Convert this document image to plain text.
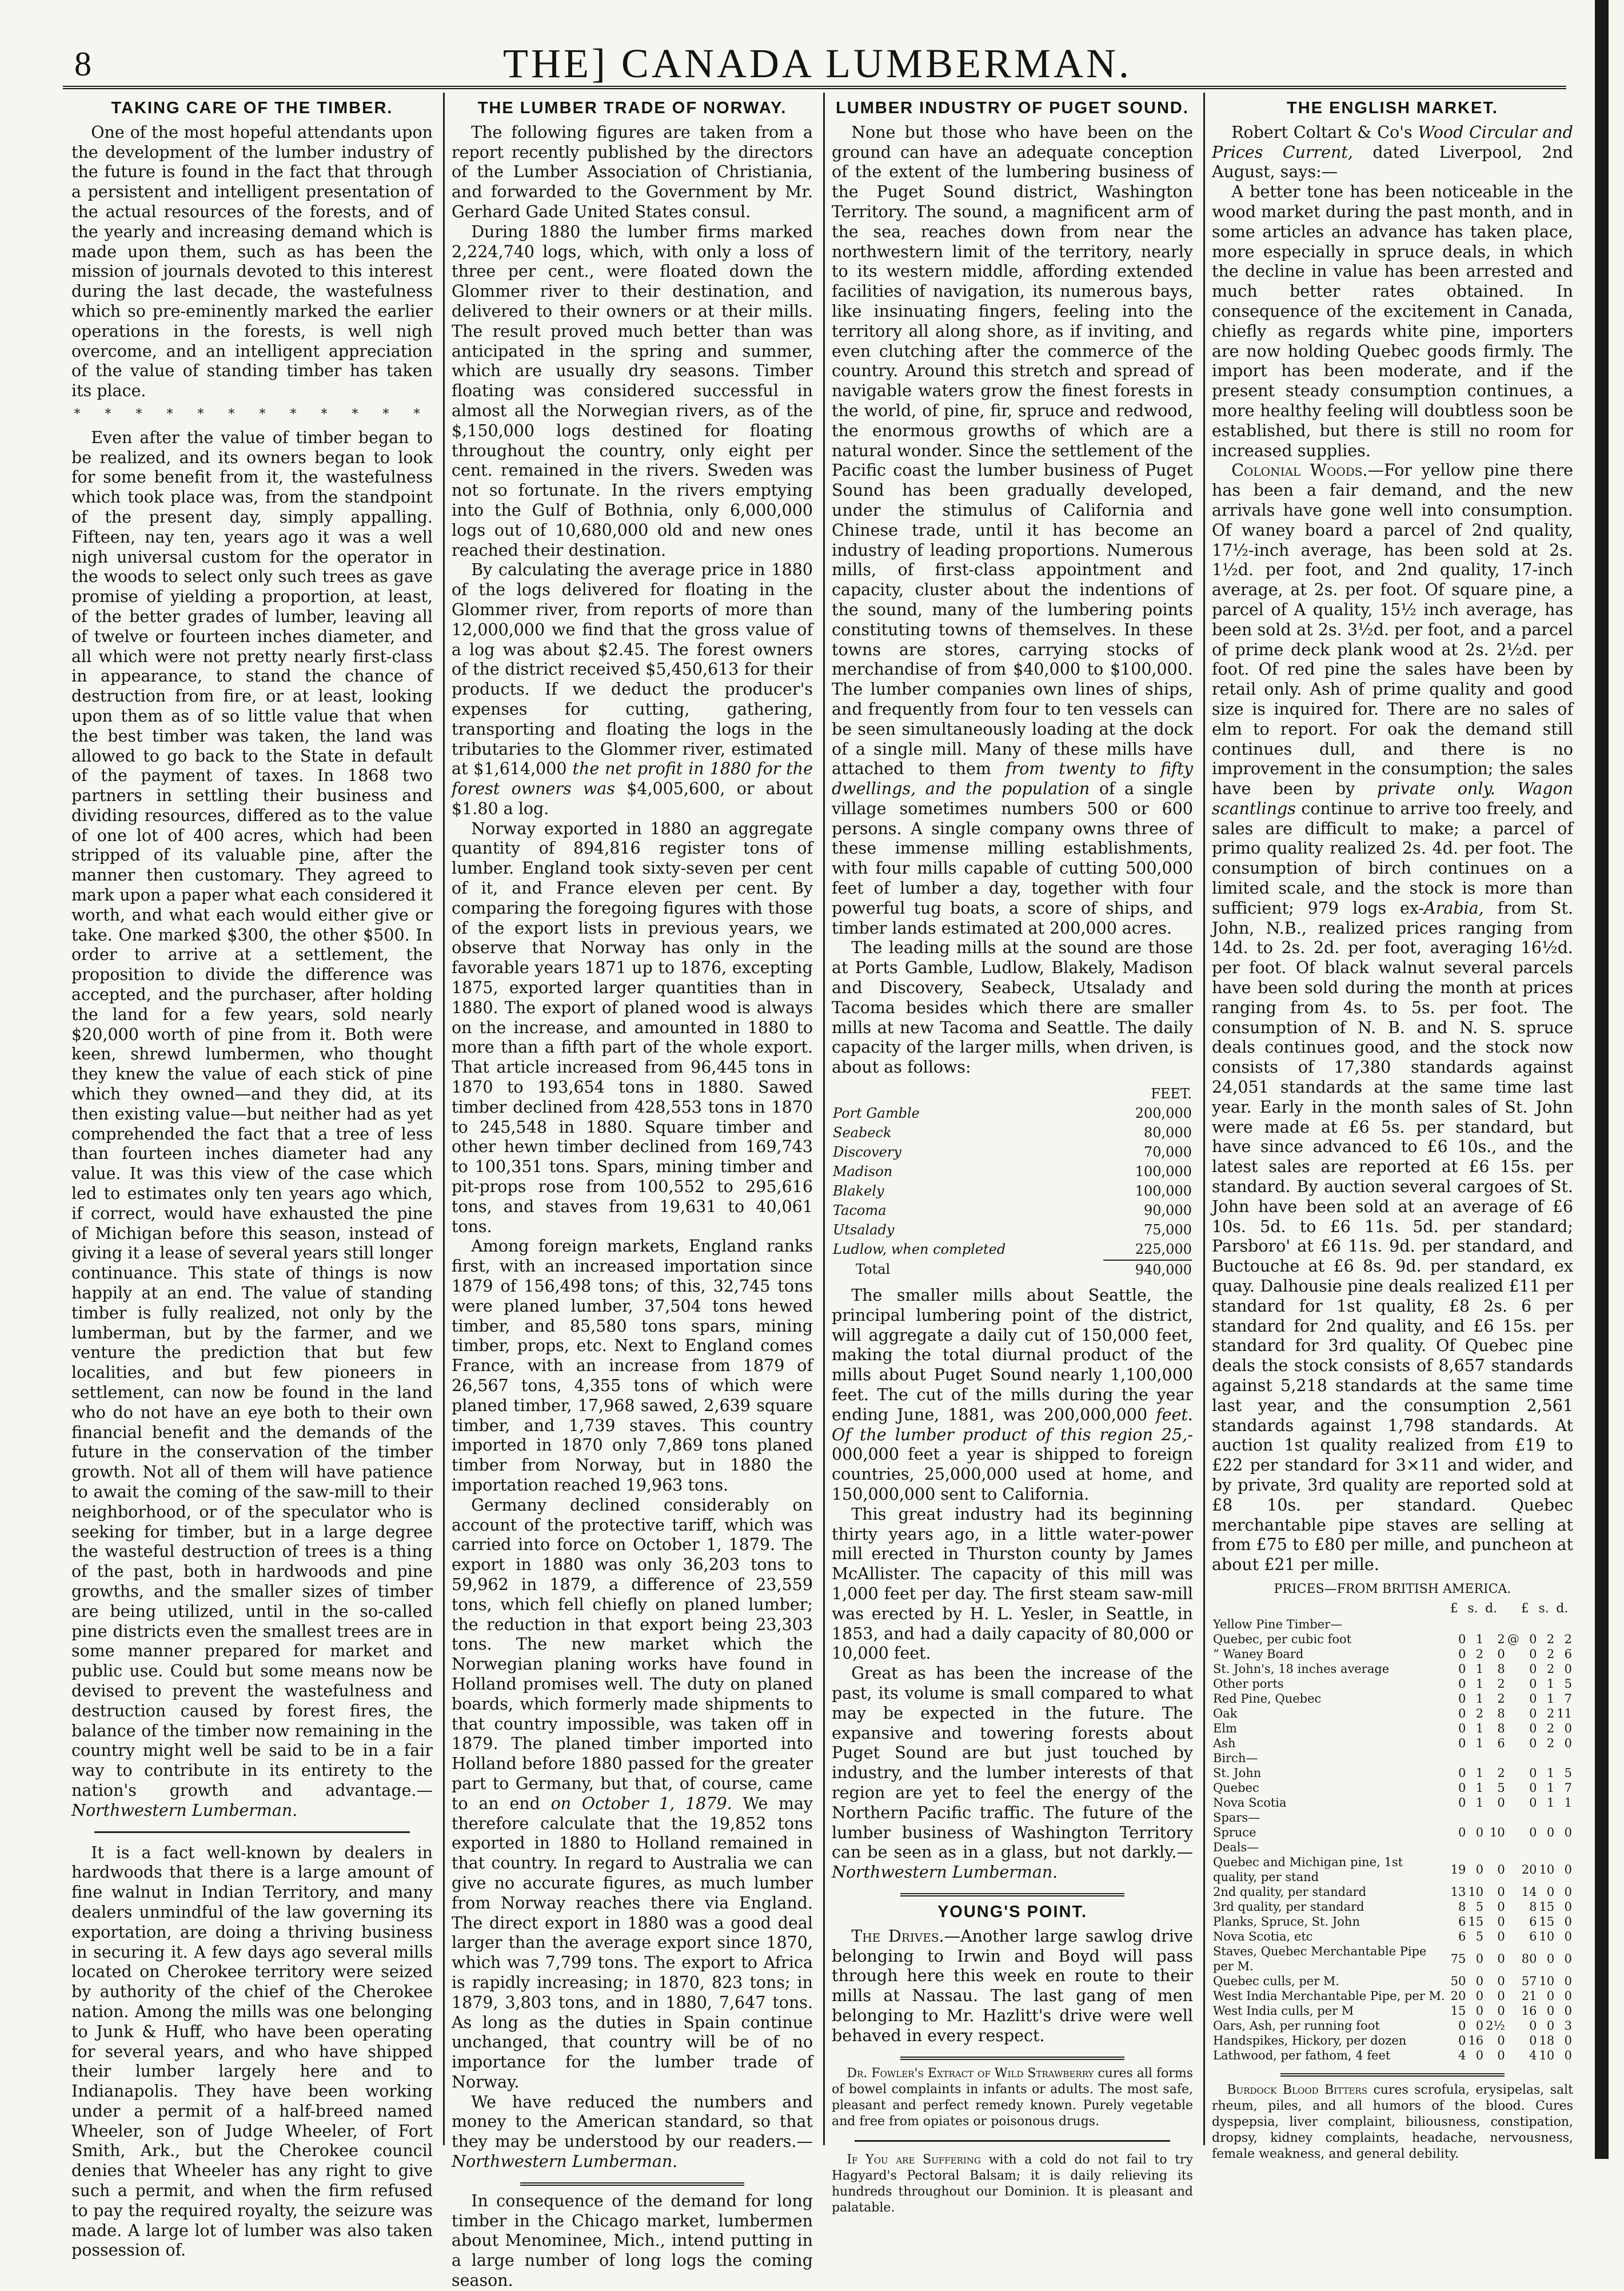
8	THE] CANADA LUMBERMAN.
TAKING CARE OF THE TIMBER.

One of the most hopeful attendants upon the development of the lumber industry of the future is found in the fact that through a persistent and intelligent presentation of the actual resources of the forests, and of the yearly and increasing demand which is made upon them, such as has been the mission of journals devoted to this interest during the last decade, the wastefulness which so pre-eminently marked the earlier operations in the forests, is well nigh overcome, and an intelligent appreciation of the value of standing timber has taken its place.

* * * * * * * * * * * *

Even after the value of timber began to be realized, and its owners began to look for some benefit from it, the wastefulness which took place was, from the standpoint of the present day, simply appalling. Fifteen, nay ten, years ago it was a well nigh universal custom for the operator in the woods to select only such trees as gave promise of yielding a proportion, at least, of the better grades of lumber, leaving all of twelve or fourteen inches diameter, and all which were not pretty nearly first-class in appearance, to stand the chance of destruction from fire, or at least, looking upon them as of so little value that when the best timber was taken, the land was allowed to go back to the State in default of the payment of taxes. In 1868 two partners in settling their business and dividing resources, differed as to the value of one lot of 400 acres, which had been stripped of its valuable pine, after the manner then customary. They agreed to mark upon a paper what each considered it worth, and what each would either give or take. One marked $300, the other $500. In order to arrive at a settlement, the proposition to divide the difference was accepted, and the purchaser, after holding the land for a few years, sold nearly $20,000 worth of pine from it. Both were keen, shrewd lumbermen, who thought they knew the value of each stick of pine which they owned—and they did, at its then existing value—but neither had as yet comprehended the fact that a tree of less than fourteen inches diameter had any value. It was this view of the case which led to estimates only ten years ago which, if correct, would have exhausted the pine of Michigan before this season, instead of giving it a lease of several years still longer continuance. This state of things is now happily at an end. The value of standing timber is fully realized, not only by the lumberman, but by the farmer, and we venture the prediction that but few localities, and but few pioneers in settlement, can now be found in the land who do not have an eye both to their own financial benefit and the demands of the future in the conservation of the timber growth. Not all of them will have patience to await the coming of the saw-mill to their neighborhood, or of the speculator who is seeking for timber, but in a large degree the wasteful destruction of trees is a thing of the past, both in hardwoods and pine growths, and the smaller sizes of timber are being utilized, until in the so-called pine districts even the smallest trees are in some manner prepared for market and public use. Could but some means now be devised to prevent the wastefulness and destruction caused by forest fires, the balance of the timber now remaining in the country might well be said to be in a fair way to contribute in its entirety to the nation's growth and advantage.—Northwestern Lumberman.

It is a fact well-known by dealers in hardwoods that there is a large amount of fine walnut in Indian Territory, and many dealers unmindful of the law governing its exportation, are doing a thriving business in securing it. A few days ago several mills located on Cherokee territory were seized by authority of the chief of the Cherokee nation. Among the mills was one belonging to Junk & Huff, who have been operating for several years, and who have shipped their lumber largely here and to Indianapolis. They have been working under a permit of a half-breed named Wheeler, son of Judge Wheeler, of Fort Smith, Ark., but the Cherokee council denies that Wheeler has any right to give such a permit, and when the firm refused to pay the required royalty, the seizure was made. A large lot of lumber was also taken possession of.

THE LUMBER TRADE OF NORWAY.

The following figures are taken from a report recently published by the directors of the Lumber Association of Christiania, and forwarded to the Government by Mr. Gerhard Gade United States consul.

During 1880 the lumber firms marked 2,224,740 logs, which, with only a loss of three per cent., were floated down the Glommer river to their destination, and delivered to their owners or at their mills. The result proved much better than was anticipated in the spring and summer, which are usually dry seasons. Timber floating was considered successful in almost all the Norwegian rivers, as of the $,150,000 logs destined for floating throughout the country, only eight per cent. remained in the rivers. Sweden was not so fortunate. In the rivers emptying into the Gulf of Bothnia, only 6,000,000 logs out of 10,680,000 old and new ones reached their destination.

By calculating the average price in 1880 of the logs delivered for floating in the Glommer river, from reports of more than 12,000,000 we find that the gross value of a log was about $2.45. The forest owners of the district received $5,450,613 for their products. If we deduct the producer's expenses for cutting, gathering, transporting and floating the logs in the tributaries to the Glommer river, estimated at $1,614,000 the net profit in 1880 for the forest owners was $4,005,600, or about $1.80 a log.

Norway exported in 1880 an aggregate quantity of 894,816 register tons of lumber. England took sixty-seven per cent of it, and France eleven per cent. By comparing the foregoing figures with those of the export lists in previous years, we observe that Norway has only in the favorable years 1871 up to 1876, excepting 1875, exported larger quantities than in 1880. The export of planed wood is always on the increase, and amounted in 1880 to more than a fifth part of the whole export. That article increased from 96,445 tons in 1870 to 193,654 tons in 1880. Sawed timber declined from 428,553 tons in 1870 to 245,548 in 1880. Square timber and other hewn timber declined from 169,743 to 100,351 tons. Spars, mining timber and pit-props rose from 100,552 to 295,616 tons, and staves from 19,631 to 40,061 tons.

Among foreign markets, England ranks first, with an increased importation since 1879 of 156,498 tons; of this, 32,745 tons were planed lumber, 37,504 tons hewed timber, and 85,580 tons spars, mining timber, props, etc. Next to England comes France, with an increase from 1879 of 26,567 tons, 4,355 tons of which were planed timber, 17,968 sawed, 2,639 square timber, and 1,739 staves. This country imported in 1870 only 7,869 tons planed timber from Norway, but in 1880 the importation reached 19,963 tons.

Germany declined considerably on account of the protective tariff, which was carried into force on October 1, 1879. The export in 1880 was only 36,203 tons to 59,962 in 1879, a difference of 23,559 tons, which fell chiefly on planed lumber; the reduction in that export being 23,303 tons. The new market which the Norwegian planing works have found in Holland promises well. The duty on planed boards, which formerly made shipments to that country impossible, was taken off in 1879. The planed timber imported into Holland before 1880 passed for the greater part to Germany, but that, of course, came to an end on October 1, 1879. We may therefore calculate that the 19,852 tons exported in 1880 to Holland remained in that country. In regard to Australia we can give no accurate figures, as much lumber from Norway reaches there via England. The direct export in 1880 was a good deal larger than the average export since 1870, which was 7,799 tons. The export to Africa is rapidly increasing; in 1870, 823 tons; in 1879, 3,803 tons, and in 1880, 7,647 tons. As long as the duties in Spain continue unchanged, that country will be of no importance for the lumber trade of Norway.

We have reduced the numbers and money to the American standard, so that they may be understood by our readers.—Northwestern Lumberman.

In consequence of the demand for long timber in the Chicago market, lumbermen about Menominee, Mich., intend putting in a large number of long logs the coming season.

LUMBER INDUSTRY OF PUGET SOUND.

None but those who have been on the ground can have an adequate conception of the extent of the lumbering business of the Puget Sound district, Washington Territory. The sound, a magnificent arm of the sea, reaches down from near the northwestern limit of the territory, nearly to its western middle, affording extended facilities of navigation, its numerous bays, like insinuating fingers, feeling into the territory all along shore, as if inviting, and even clutching after the commerce of the country. Around this stretch and spread of navigable waters grow the finest forests in the world, of pine, fir, spruce and redwood, the enormous growths of which are a natural wonder. Since the settlement of the Pacific coast the lumber business of Puget Sound has been gradually developed, under the stimulus of California and Chinese trade, until it has become an industry of leading proportions. Numerous mills, of first-class appointment and capacity, cluster about the indentions of the sound, many of the lumbering points constituting towns of themselves. In these towns are stores, carrying stocks of merchandise of from $40,000 to $100,000. The lumber companies own lines of ships, and frequently from four to ten vessels can be seen simultaneously loading at the dock of a single mill. Many of these mills have attached to them from twenty to fifty dwellings, and the population of a single village sometimes numbers 500 or 600 persons. A single company owns three of these immense milling establishments, with four mills capable of cutting 500,000 feet of lumber a day, together with four powerful tug boats, a score of ships, and timber lands estimated at 200,000 acres.

The leading mills at the sound are those at Ports Gamble, Ludlow, Blakely, Madison and Discovery, Seabeck, Utsalady and Tacoma besides which there are smaller mills at new Tacoma and Seattle. The daily capacity of the larger mills, when driven, is about as follows:

	FEET.
Port Gamble	200,000
Seabeck	80,000
Discovery	70,000
Madison	100,000
Blakely	100,000
Tacoma	90,000
Utsalady	75,000
Ludlow, when completed	225,000
Total	940,000

The smaller mills about Seattle, the principal lumbering point of the district, will aggregate a daily cut of 150,000 feet, making the total diurnal product of the mills about Puget Sound nearly 1,100,000 feet. The cut of the mills during the year ending June, 1881, was 200,000,000 feet. Of the lumber product of this region 25,- 000,000 feet a year is shipped to foreign countries, 25,000,000 used at home, and 150,000,000 sent to California.

This great industry had its beginning thirty years ago, in a little water-power mill erected in Thurston county by James McAllister. The capacity of this mill was 1,000 feet per day. The first steam saw-mill was erected by H. L. Yesler, in Seattle, in 1853, and had a daily capacity of 80,000 or 10,000 feet.

Great as has been the increase of the past, its volume is small compared to what may be expected in the future. The expansive and towering forests about Puget Sound are but just touched by industry, and the lumber interests of that region are yet to feel the energy of the Northern Pacific traffic. The future of the lumber business of Washington Territory can be seen as in a glass, but not darkly.—Northwestern Lumberman.

YOUNG'S POINT.

The Drives.—Another large sawlog drive belonging to Irwin and Boyd will pass through here this week en route to their mills at Nassau. The last gang of men belonging to Mr. Hazlitt's drive were well behaved in every respect.

Dr. Fowler's Extract of Wild Strawberry cures all forms of bowel complaints in infants or adults. The most safe, pleasant and perfect remedy known. Purely vegetable and free from opiates or poisonous drugs.

If You are Suffering with a cold do not fail to try Hagyard's Pectoral Balsam; it is daily relieving its hundreds throughout our Dominion. It is pleasant and palatable.

THE ENGLISH MARKET.

Robert Coltart & Co's Wood Circular and Prices Current, dated Liverpool, 2nd August, says:—

A better tone has been noticeable in the wood market during the past month, and in some articles an advance has taken place, more especially in spruce deals, in which the decline in value has been arrested and much better rates obtained. In consequence of the excitement in Canada, chiefly as regards white pine, importers are now holding Quebec goods firmly. The import has been moderate, and if the present steady consumption continues, a more healthy feeling will doubtless soon be established, but there is still no room for increased supplies.

Colonial Woods.—For yellow pine there has been a fair demand, and the new arrivals have gone well into consumption. Of waney board a parcel of 2nd quality, 17½-inch average, has been sold at 2s. 1½d. per foot, and 2nd quality, 17-inch average, at 2s. per foot. Of square pine, a parcel of A quality, 15½ inch average, has been sold at 2s. 3½d. per foot, and a parcel of prime deck plank wood at 2s. 2½d. per foot. Of red pine the sales have been by retail only. Ash of prime quality and good size is inquired for. There are no sales of elm to report. For oak the demand still continues dull, and there is no improvement in the consumption; the sales have been by private only. Wagon scantlings continue to arrive too freely, and sales are difficult to make; a parcel of primo quality realized 2s. 4d. per foot. The consumption of birch continues on a limited scale, and the stock is more than sufficient; 979 logs ex-Arabia, from St. John, N.B., realized prices ranging from 14d. to 2s. 2d. per foot, averaging 16½d. per foot. Of black walnut several parcels have been sold during the month at prices ranging from 4s. to 5s. per foot. The consumption of N. B. and N. S. spruce deals continues good, and the stock now consists of 17,380 standards against 24,051 standards at the same time last year. Early in the month sales of St. John were made at £6 5s. per standard, but have since advanced to £6 10s., and the latest sales are reported at £6 15s. per standard. By auction several cargoes of St. John have been sold at an average of £6 10s. 5d. to £6 11s. 5d. per standard; Parsboro' at £6 11s. 9d. per standard, and Buctouche at £6 8s. 9d. per standard, ex quay. Dalhousie pine deals realized £11 per standard for 1st quality, £8 2s. 6 per standard for 2nd quality, and £6 15s. per standard for 3rd quality. Of Quebec pine deals the stock consists of 8,657 standards against 5,218 standards at the same time last year, and the consumption 2,561 standards against 1,798 standards. At auction 1st quality realized from £19 to £22 per standard for 3×11 and wider, and by private, 3rd quality are reported sold at £8 10s. per standard. Quebec merchantable pipe staves are selling at from £75 to £80 per mille, and puncheon at about £21 per mille.

PRICES—FROM BRITISH AMERICA.
	£	s.	d.		£	s.	d.
Yellow Pine Timber—							
Quebec, per cubic foot	0	1	2	@	0	2	2
“ Waney Board	0	2	0		0	2	6
St. John's, 18 inches average	0	1	8		0	2	0
Other ports	0	1	2		0	1	5
Red Pine, Quebec	0	1	2		0	1	7
Oak	0	2	8		0	2	11
Elm	0	1	8		0	2	0
Ash	0	1	6		0	2	0
Birch—							
St. John	0	1	2		0	1	5
Quebec	0	1	5		0	1	7
Nova Scotia	0	1	0		0	1	1
Spars—							
Spruce	0	0	10		0	0	0
Deals—							
Quebec and Michigan pine, 1st quality, per stand	19	0	0		20	10	0
2nd quality, per standard	13	10	0		14	0	0
3rd quality, per standard	8	5	0		8	15	0
Planks, Spruce, St. John	6	15	0		6	15	0
Nova Scotia, etc	6	5	0		6	10	0
Staves, Quebec Merchantable Pipe per M.	75	0	0		80	0	0
Quebec culls, per M.	50	0	0		57	10	0
West India Merchantable Pipe, per M.	20	0	0		21	0	0
West India culls, per M	15	0	0		16	0	0
Oars, Ash, per running foot	0	0	2½		0	0	3
Handspikes, Hickory, per dozen	0	16	0		0	18	0
Lathwood, per fathom, 4 feet	4	0	0		4	10	0

Burdock Blood Bitters cures scrofula, erysipelas, salt rheum, piles, and all humors of the blood. Cures dyspepsia, liver complaint, biliousness, constipation, dropsy, kidney complaints, headache, nervousness, female weakness, and general debility.
